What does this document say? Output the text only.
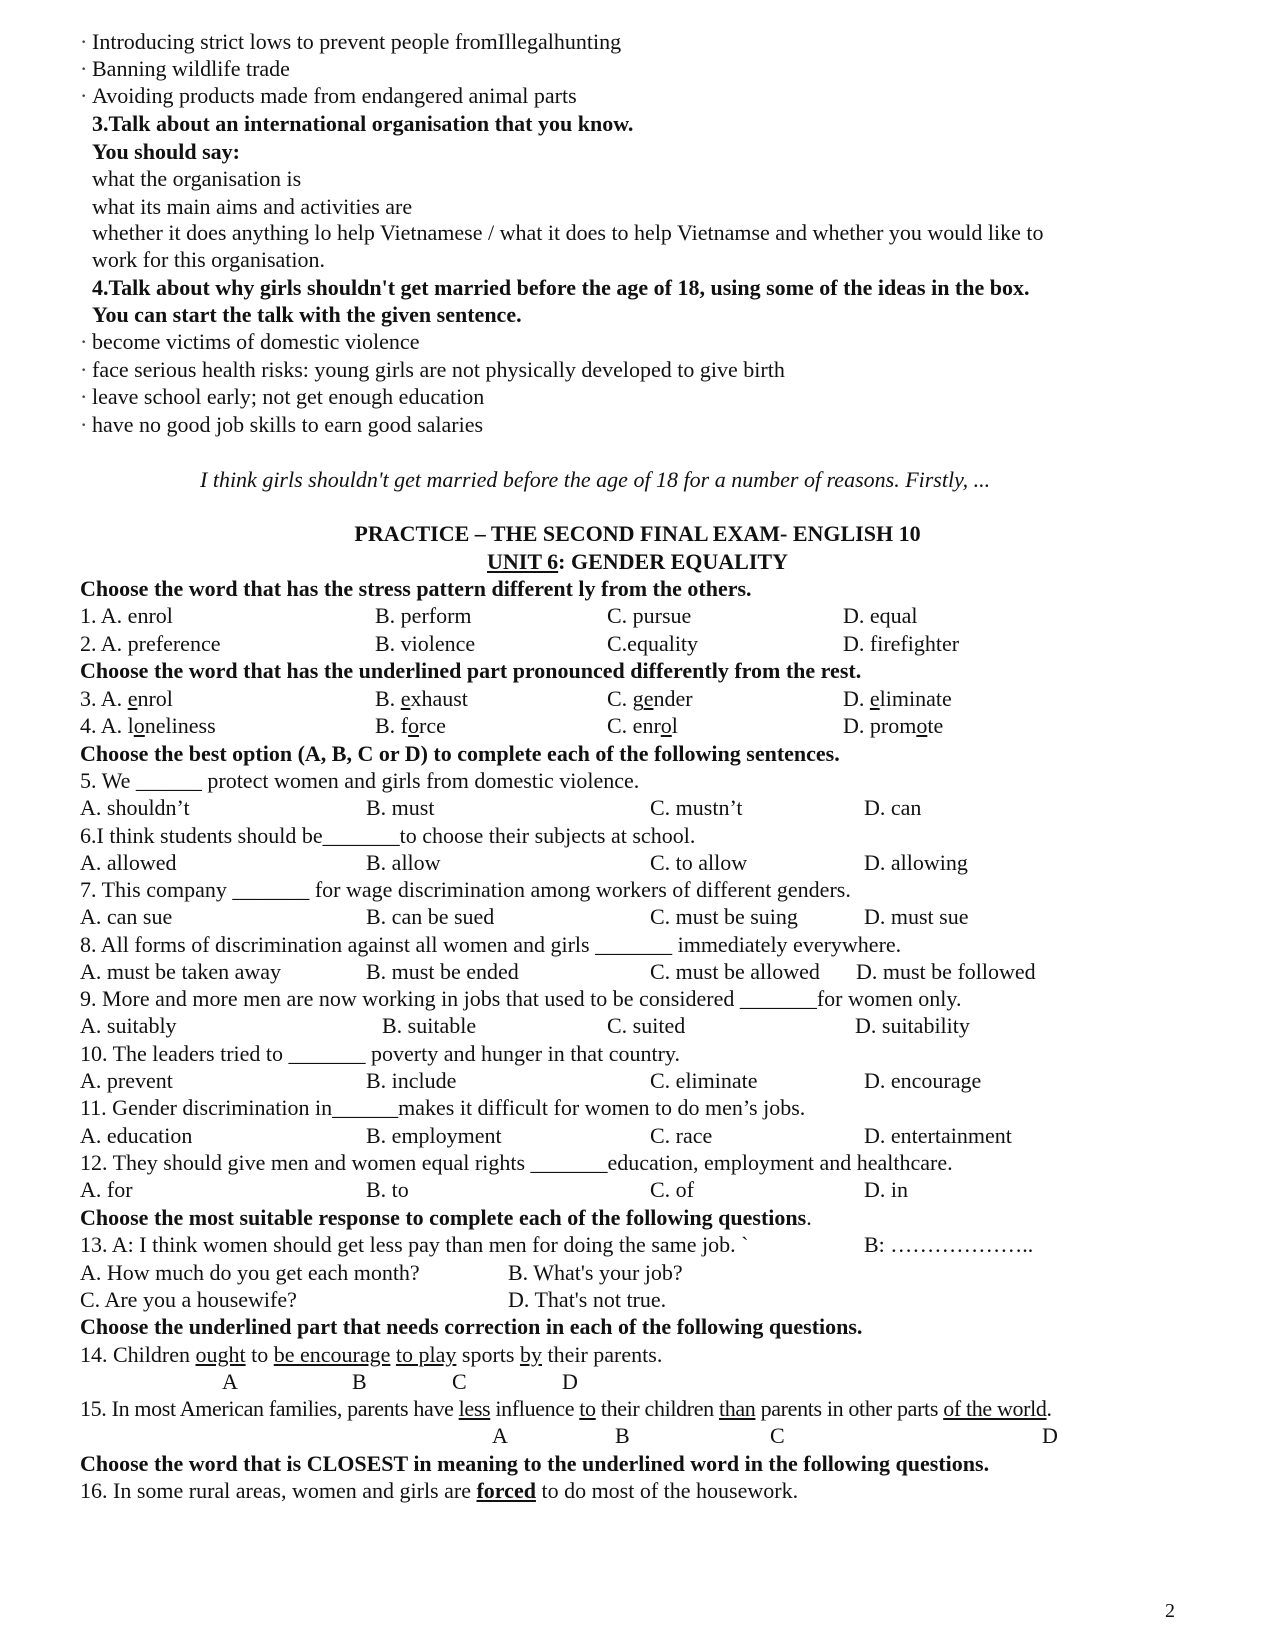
· Introducing strict lows to prevent people fromIllegalhunting
· Banning wildlife trade
· Avoiding products made from endangered animal parts
3.Talk about an international organisation that you know.
You should say:
what the organisation is
what its main aims and activities are
whether it does anything lo help Vietnamese / what it does to help Vietnamse and whether you would like to
work for this organisation.
4.Talk about why girls shouldn't get married before the age of 18, using some of the ideas in the box.
You can start the talk with the given sentence.
· become victims of domestic violence
· face serious health risks: young girls are not physically developed to give birth
· leave school early; not get enough education
· have no good job skills to earn good salaries
I think girls shouldn't get married before the age of 18 for a number of reasons. Firstly, ...
PRACTICE – THE SECOND FINAL EXAM- ENGLISH 10
UNIT 6: GENDER EQUALITY
Choose the word that has the stress pattern different ly from the others.
1. A. enrol	B. perform	C. pursue	D. equal
2. A. preference	B. violence	C.equality	D. firefighter
Choose the word that has the underlined part pronounced differently from the rest.
3. A. enrol	B. exhaust	C. gender	D. eliminate
4. A. loneliness	B. force	C. enrol	D. promote
Choose the best option (A, B, C or D) to complete each of the following sentences.
5. We ______ protect women and girls from domestic violence.
A. shouldn’t	B. must	C. mustn’t	D. can
6.I think students should be_______to choose their subjects at school.
A. allowed	B. allow	C. to allow	D. allowing
7. This company _______ for wage discrimination among workers of different genders.
A. can sue	B. can be sued	C. must be suing	D. must sue
8. All forms of discrimination against all women and girls _______ immediately everywhere.
A. must be taken away	B. must be ended	C. must be allowed D. must be followed
9. More and more men are now working in jobs that used to be considered _______for women only.
A. suitably	B. suitable	C. suited	D. suitability
10. The leaders tried to _______ poverty and hunger in that country.
A. prevent	B. include	C. eliminate	D. encourage
11. Gender discrimination in______makes it difficult for women to do men’s jobs.
A. education	B. employment	C. race	D. entertainment
12. They should give men and women equal rights _______education, employment and healthcare.
A. for	B. to	C. of	D. in
Choose the most suitable response to complete each of the following questions.
13. A: I think women should get less pay than men for doing the same job. `	B: ………………..
A. How much do you get each month?	B. What's your job?
C. Are you a housewife?	D. That's not true.
Choose the underlined part that needs correction in each of the following questions.
14. Children ought to be encourage to play sports by their parents.
A	B	C	D
15. In most American families, parents have less influence to their children than parents in other parts of the world.
A	B	C	D
Choose the word that is CLOSEST in meaning to the underlined word in the following questions.
16. In some rural areas, women and girls are forced to do most of the housework.
2
